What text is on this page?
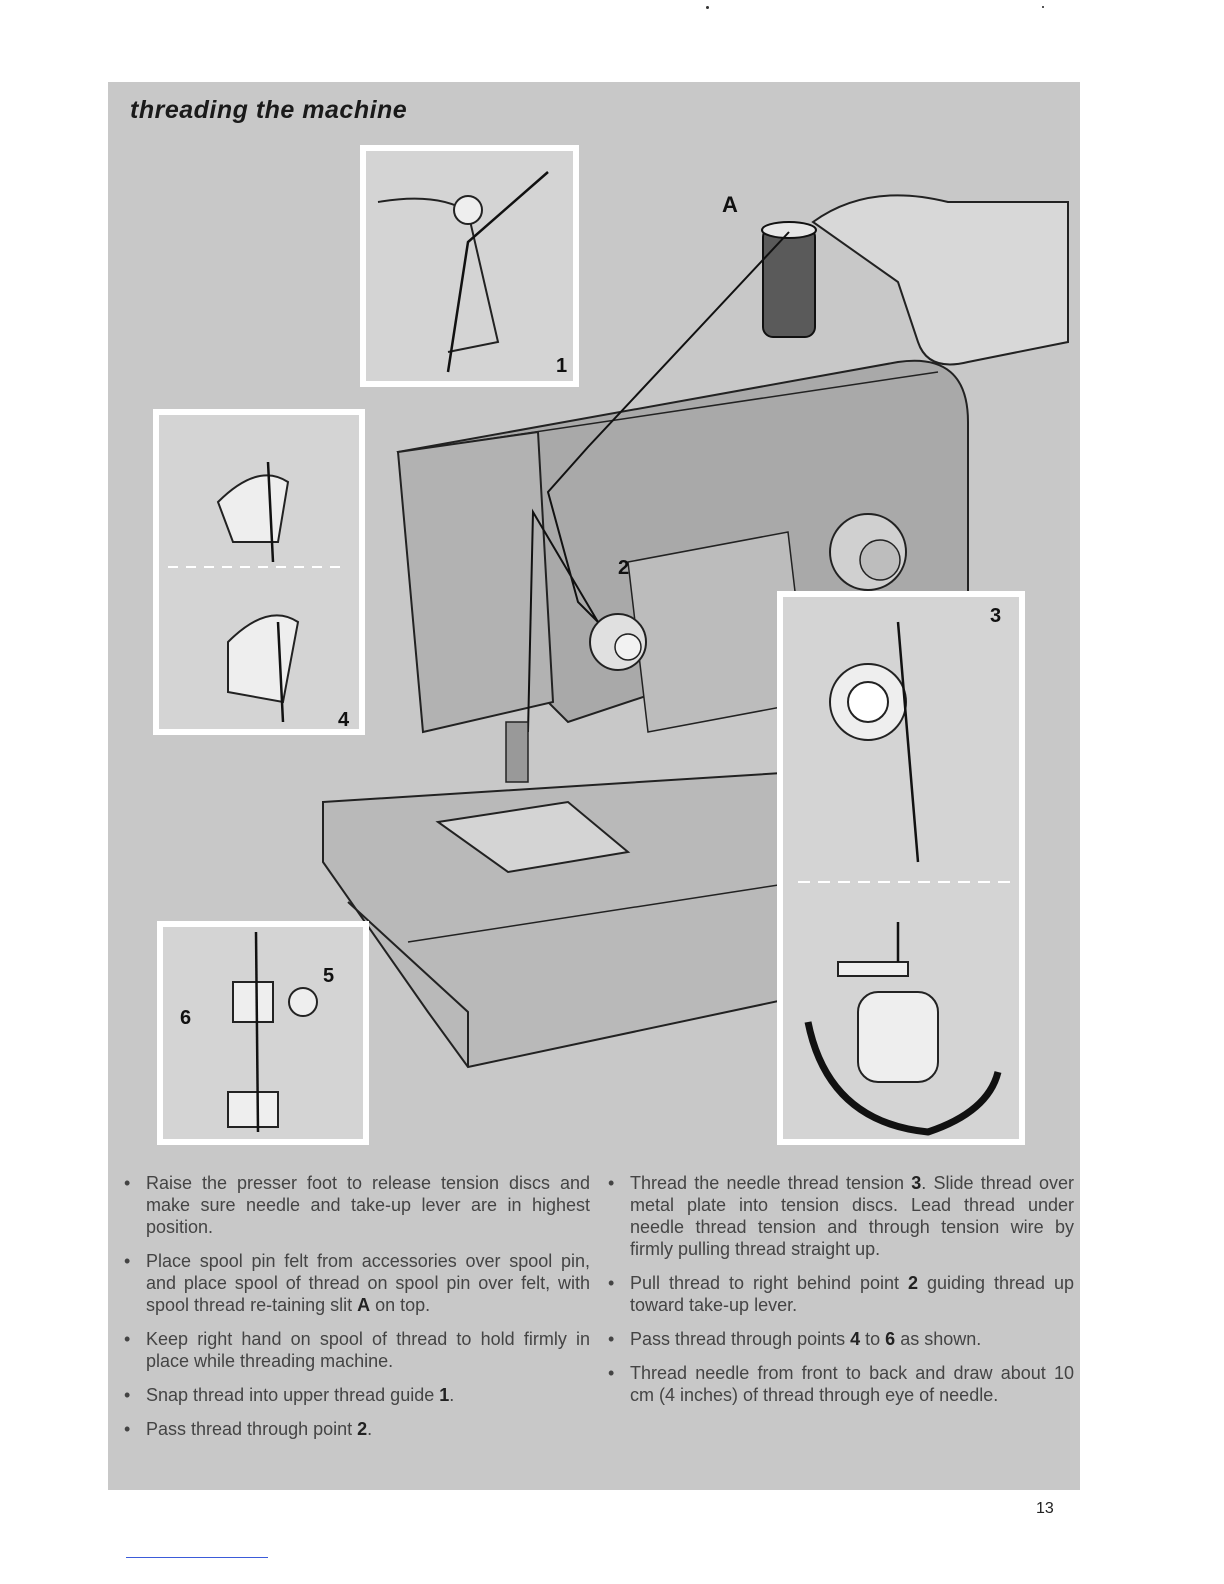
A
1
2
3
4
5
6
threading the machine
• Raise the presser foot to release tension discs and make sure needle and take-up lever are in highest position.
• Place spool pin felt from accessories over spool pin, and place spool of thread on spool pin over felt, with spool thread re-taining slit A on top.
• Keep right hand on spool of thread to hold firmly in place while threading machine.
• Snap thread into upper thread guide 1.
• Pass thread through point 2.
• Thread the needle thread tension 3. Slide thread over metal plate into tension discs. Lead thread under needle thread tension and through tension wire by firmly pulling thread straight up.
• Pull thread to right behind point 2 guiding thread up toward take-up lever.
• Pass thread through points 4 to 6 as shown.
• Thread needle from front to back and draw about 10 cm (4 inches) of thread through eye of needle.
13
